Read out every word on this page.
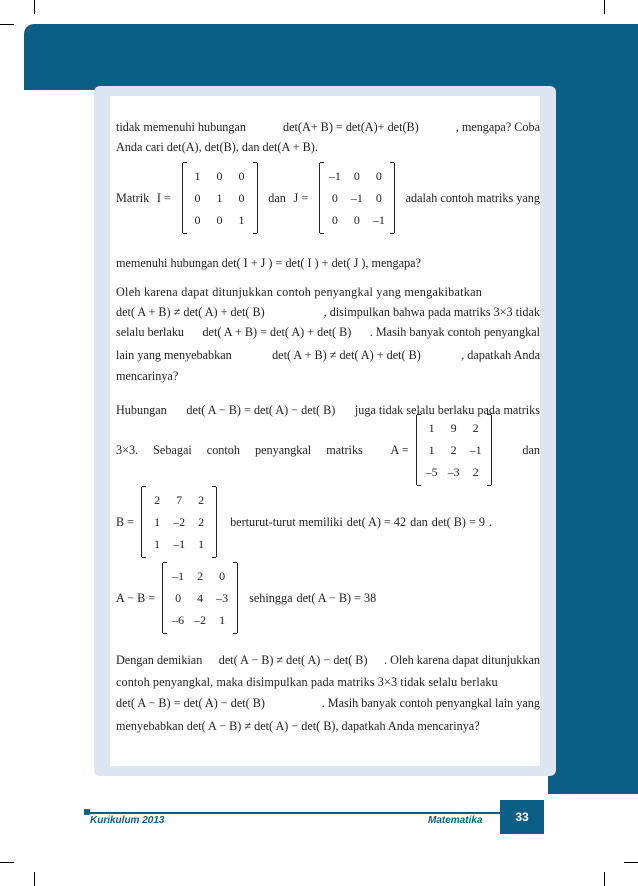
tidak memenuhi hubungan	det(A+ B) = det(A)+ det(B)	, mengapa? Coba
Anda cari det(A), det(B), dan det(A + B).
Matrik I =
1	0	0
0	1	0
0	0	1
dan J =
–1	0	0
0	–1	0
0	0	–1
adalah contoh matriks yang
memenuhi hubungan det( I + J ) = det( I ) + det( J ), mengapa?
Oleh karena dapat ditunjukkan contoh penyangkal yang mengakibatkan
det( A + B) ≠ det( A) + det( B)	, disimpulkan bahwa pada matriks 3×3 tidak
selalu berlaku det( A + B) = det( A) + det( B) . Masih banyak contoh penyangkal
lain yang menyebabkan	det( A + B) ≠ det( A) + det( B)	, dapatkah Anda
mencarinya?
Hubungan det( A − B) = det( A) − det( B) juga tidak selalu berlaku pada matriks
3×3. Sebagai contoh penyangkal matriks A =
1	9	2
1	2	–1
–5	–3	2
dan
B =
2	7	2
1	–2	2
1	–1	1
berturut-turut memiliki det( A) = 42 dan det( B) = 9 .
A − B =
–1	2	0
0	4	–3
–6	–2	1
sehingga det( A − B) = 38
Dengan demikian det( A − B) ≠ det( A) − det( B) . Oleh karena dapat ditunjukkan
contoh penyangkal, maka disimpulkan pada matriks 3×3 tidak selalu berlaku
det( A − B) = det( A) − det( B)	. Masih banyak contoh penyangkal lain yang
menyebabkan det( A − B) ≠ det( A) − det( B), dapatkah Anda mencarinya?
Kurikulum 2013	Matematika	33
